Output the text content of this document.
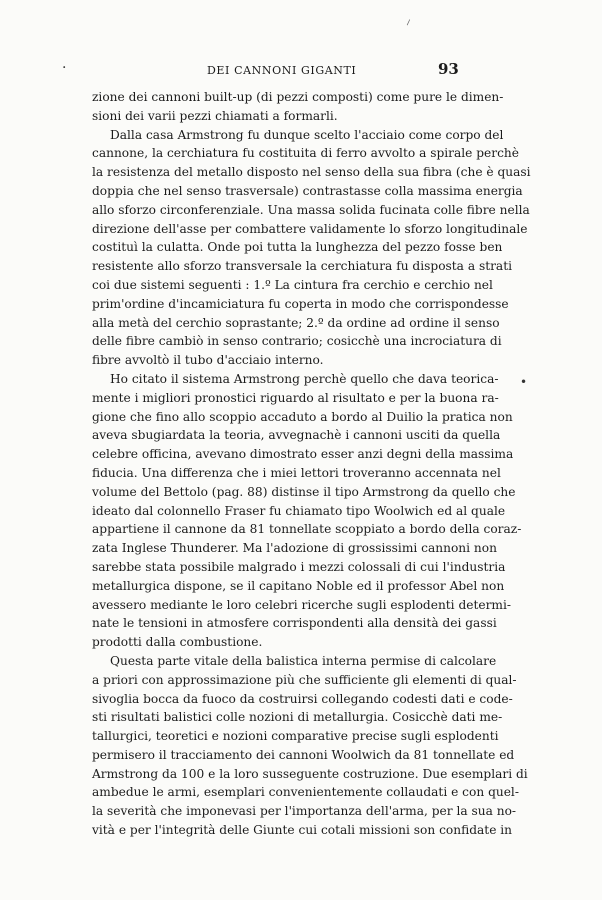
⸝
·	DEI CANNONI GIGANTI	93
•
zione dei cannoni built-up (di pezzi composti) come pure le dimen-
sioni dei varii pezzi chiamati a formarli.
Dalla casa Armstrong fu dunque scelto l'acciaio come corpo del
cannone, la cerchiatura fu costituita di ferro avvolto a spirale perchè
la resistenza del metallo disposto nel senso della sua fibra (che è quasi
doppia che nel senso trasversale) contrastasse colla massima energia
allo sforzo circonferenziale. Una massa solida fucinata colle fibre nella
direzione dell'asse per combattere validamente lo sforzo longitudinale
costituì la culatta. Onde poi tutta la lunghezza del pezzo fosse ben
resistente allo sforzo transversale la cerchiatura fu disposta a strati
coi due sistemi seguenti : 1.º La cintura fra cerchio e cerchio nel
prim'ordine d'incamiciatura fu coperta in modo che corrispondesse
alla metà del cerchio soprastante; 2.º da ordine ad ordine il senso
delle fibre cambiò in senso contrario; cosicchè una incrociatura di
fibre avvoltò il tubo d'acciaio interno.
Ho citato il sistema Armstrong perchè quello che dava teorica-
mente i migliori pronostici riguardo al risultato e per la buona ra-
gione che fino allo scoppio accaduto a bordo al Duilio la pratica non
aveva sbugiardata la teoria, avvegnachè i cannoni usciti da quella
celebre officina, avevano dimostrato esser anzi degni della massima
fiducia. Una differenza che i miei lettori troveranno accennata nel
volume del Bettolo (pag. 88) distinse il tipo Armstrong da quello che
ideato dal colonnello Fraser fu chiamato tipo Woolwich ed al quale
appartiene il cannone da 81 tonnellate scoppiato a bordo della coraz-
zata Inglese Thunderer. Ma l'adozione di grossissimi cannoni non
sarebbe stata possibile malgrado i mezzi colossali di cui l'industria
metallurgica dispone, se il capitano Noble ed il professor Abel non
avessero mediante le loro celebri ricerche sugli esplodenti determi-
nate le tensioni in atmosfere corrispondenti alla densità dei gassi
prodotti dalla combustione.
Questa parte vitale della balistica interna permise di calcolare
a priori con approssimazione più che sufficiente gli elementi di qual-
sivoglia bocca da fuoco da costruirsi collegando codesti dati e code-
sti risultati balistici colle nozioni di metallurgia. Cosicchè dati me-
tallurgici, teoretici e nozioni comparative precise sugli esplodenti
permisero il tracciamento dei cannoni Woolwich da 81 tonnellate ed
Armstrong da 100 e la loro susseguente costruzione. Due esemplari di
ambedue le armi, esemplari convenientemente collaudati e con quel-
la severità che imponevasi per l'importanza dell'arma, per la sua no-
vità e per l'integrità delle Giunte cui cotali missioni son confidate in
